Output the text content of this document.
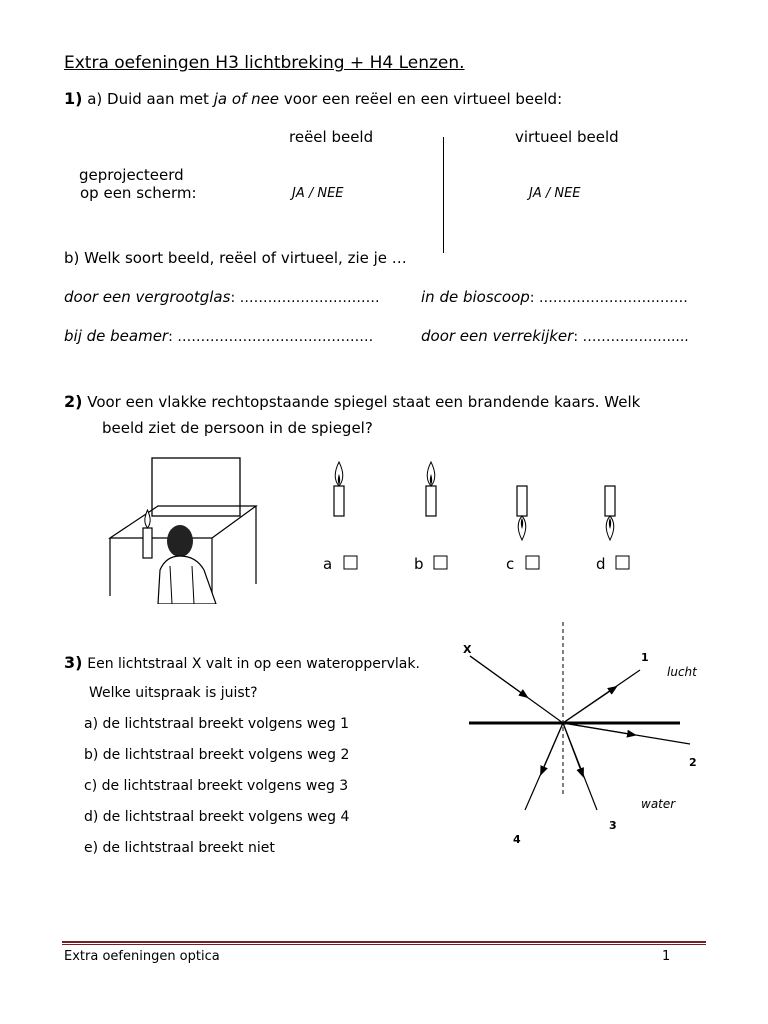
Extra oefeningen H3 lichtbreking + H4 Lenzen.
1) a) Duid aan met ja of nee voor een reëel en een virtueel beeld:
reëel beeld	virtueel beeld
geprojecteerd
op een scherm:	JA / NEE	JA / NEE
b) Welk soort beeld, reëel of virtueel, zie je …
door een vergrootglas: …………………………	in de bioscoop: ……………………..……
bij de beamer: ……………………………………	door een verrekijker: ……………….....
2) Voor een vlakke rechtopstaande spiegel staat een brandende kaars. Welk
beeld ziet de persoon in de spiegel?
a	b	c	d
3) Een lichtstraal X valt in op een wateroppervlak.
Welke uitspraak is juist?
a) de lichtstraal breekt volgens weg 1
b) de lichtstraal breekt volgens weg 2
c) de lichtstraal breekt volgens weg 3
d) de lichtstraal breekt volgens weg 4
e) de lichtstraal breekt niet
X
1
2
3
4
lucht
water
Extra oefeningen optica	1
